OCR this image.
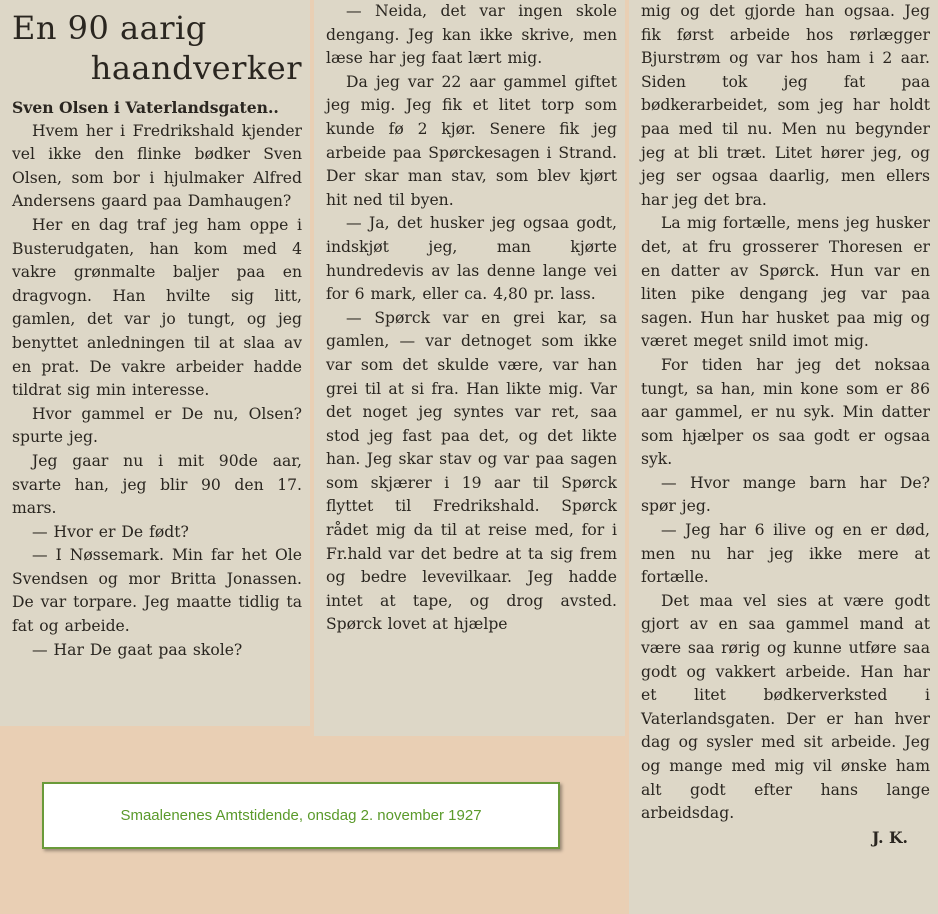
En 90 aarig
haandverker
Sven Olsen i Vaterlandsgaten..

Hvem her i Fredrikshald kjender vel ikke den flinke bødker Sven Olsen, som bor i hjulmaker Alfred Andersens gaard paa Damhaugen?

Her en dag traf jeg ham oppe i Busterudgaten, han kom med 4 vakre grønmalte baljer paa en dragvogn. Han hvilte sig litt, gamlen, det var jo tungt, og jeg benyttet anledningen til at slaa av en prat. De vakre arbeider hadde tildrat sig min interesse.

Hvor gammel er De nu, Olsen? spurte jeg.

Jeg gaar nu i mit 90de aar, svarte han, jeg blir 90 den 17. mars.

— Hvor er De født?

— I Nøssemark. Min far het Ole Svendsen og mor Britta Jonassen. De var torpare. Jeg maatte tidlig ta fat og arbeide.

— Har De gaat paa skole?

— Neida, det var ingen skole dengang. Jeg kan ikke skrive, men læse har jeg faat lært mig.

Da jeg var 22 aar gammel giftet jeg mig. Jeg fik et litet torp som kunde fø 2 kjør. Senere fik jeg arbeide paa Spørckesagen i Strand. Der skar man stav, som blev kjørt hit ned til byen.

— Ja, det husker jeg ogsaa godt, indskjøt jeg, man kjørte hundredevis av las denne lange vei for 6 mark, eller ca. 4,80 pr. lass.

— Spørck var en grei kar, sa gamlen, — var detnoget som ikke var som det skulde være, var han grei til at si fra. Han likte mig. Var det noget jeg syntes var ret, saa stod jeg fast paa det, og det likte han. Jeg skar stav og var paa sagen som skjærer i 19 aar til Spørck flyttet til Fredrikshald. Spørck rådet mig da til at reise med, for i Fr.hald var det bedre at ta sig frem og bedre levevilkaar. Jeg hadde intet at tape, og drog avsted. Spørck lovet at hjælpe

mig og det gjorde han ogsaa. Jeg fik først arbeide hos rørlægger Bjurstrøm og var hos ham i 2 aar. Siden tok jeg fat paa bødkerarbeidet, som jeg har holdt paa med til nu. Men nu begynder jeg at bli træt. Litet hører jeg, og jeg ser ogsaa daarlig, men ellers har jeg det bra.

La mig fortælle, mens jeg husker det, at fru grosserer Thoresen er en datter av Spørck. Hun var en liten pike dengang jeg var paa sagen. Hun har husket paa mig og været meget snild imot mig.

For tiden har jeg det noksaa tungt, sa han, min kone som er 86 aar gammel, er nu syk. Min datter som hjælper os saa godt er ogsaa syk.

— Hvor mange barn har De? spør jeg.

— Jeg har 6 ilive og en er død, men nu har jeg ikke mere at fortælle.

Det maa vel sies at være godt gjort av en saa gammel mand at være saa rørig og kunne utføre saa godt og vakkert arbeide. Han har et litet bødkerverksted i Vaterlandsgaten. Der er han hver dag og sysler med sit arbeide. Jeg og mange med mig vil ønske ham alt godt efter hans lange arbeidsdag.

J. K.
Smaalenenes Amtstidende, onsdag 2. november 1927
